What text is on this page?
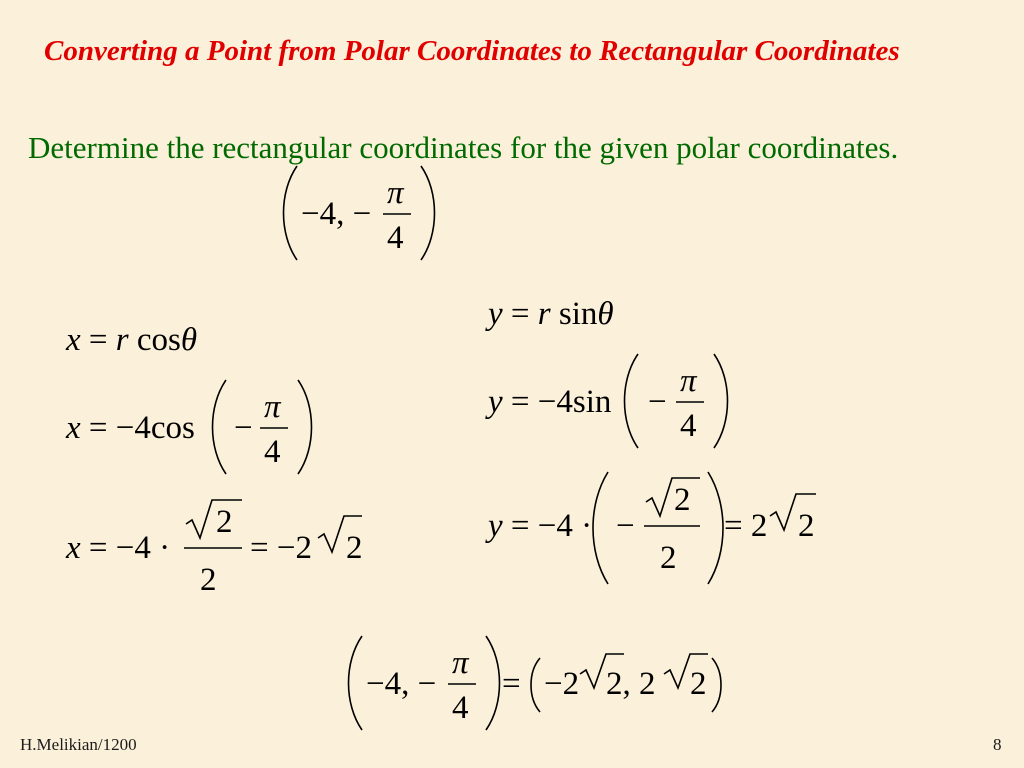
Converting a Point from Polar Coordinates to Rectangular Coordinates
Determine the rectangular coordinates for the given polar coordinates.
−4, −
π
4
x = r cosθ
x = −4cos −
π
4
x = −4 ·
2
2
= −2 2
y = r sinθ
y = −4sin −
π
4
y = −4 · −
2
2
= 2 2
−4, −
π
4
= −2 2, 2 2
H.Melikian/1200	8
